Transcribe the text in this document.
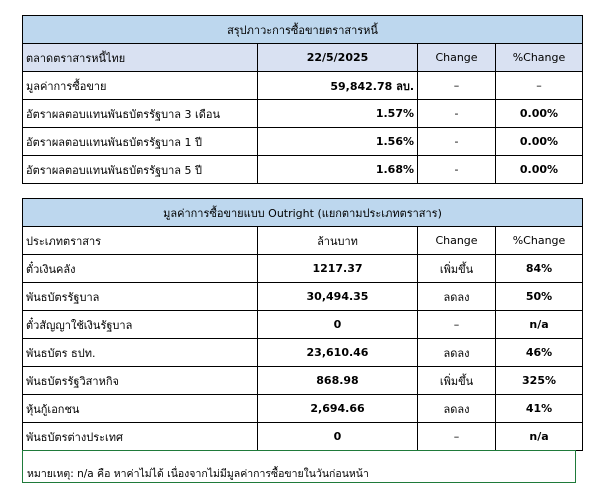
สรุปภาวะการซื้อขายตราสารหนี้			
ตลาดตราสารหนี้ไทย	22/5/2025	Change	%Change
มูลค่าการซื้อขาย	59,842.78 ลบ.	–	–
อัตราผลตอบแทนพันธบัตรรัฐบาล 3 เดือน	1.57%	-	0.00%
อัตราผลตอบแทนพันธบัตรรัฐบาล 1 ปี	1.56%	-	0.00%
อัตราผลตอบแทนพันธบัตรรัฐบาล 5 ปี	1.68%	-	0.00%
มูลค่าการซื้อขายแบบ Outright (แยกตามประเภทตราสาร)			
ประเภทตราสาร	ล้านบาท	Change	%Change
ตั๋วเงินคลัง	1217.37	เพิ่มขึ้น	84%
พันธบัตรรัฐบาล	30,494.35	ลดลง	50%
ตั๋วสัญญาใช้เงินรัฐบาล	0	–	n/a
พันธบัตร ธปท.	23,610.46	ลดลง	46%
พันธบัตรรัฐวิสาหกิจ	868.98	เพิ่มขึ้น	325%
หุ้นกู้เอกชน	2,694.66	ลดลง	41%
พันธบัตรต่างประเทศ	0	–	n/a
หมายเหตุ: n/a คือ หาค่าไม่ได้ เนื่องจากไม่มีมูลค่าการซื้อขายในวันก่อนหน้า
